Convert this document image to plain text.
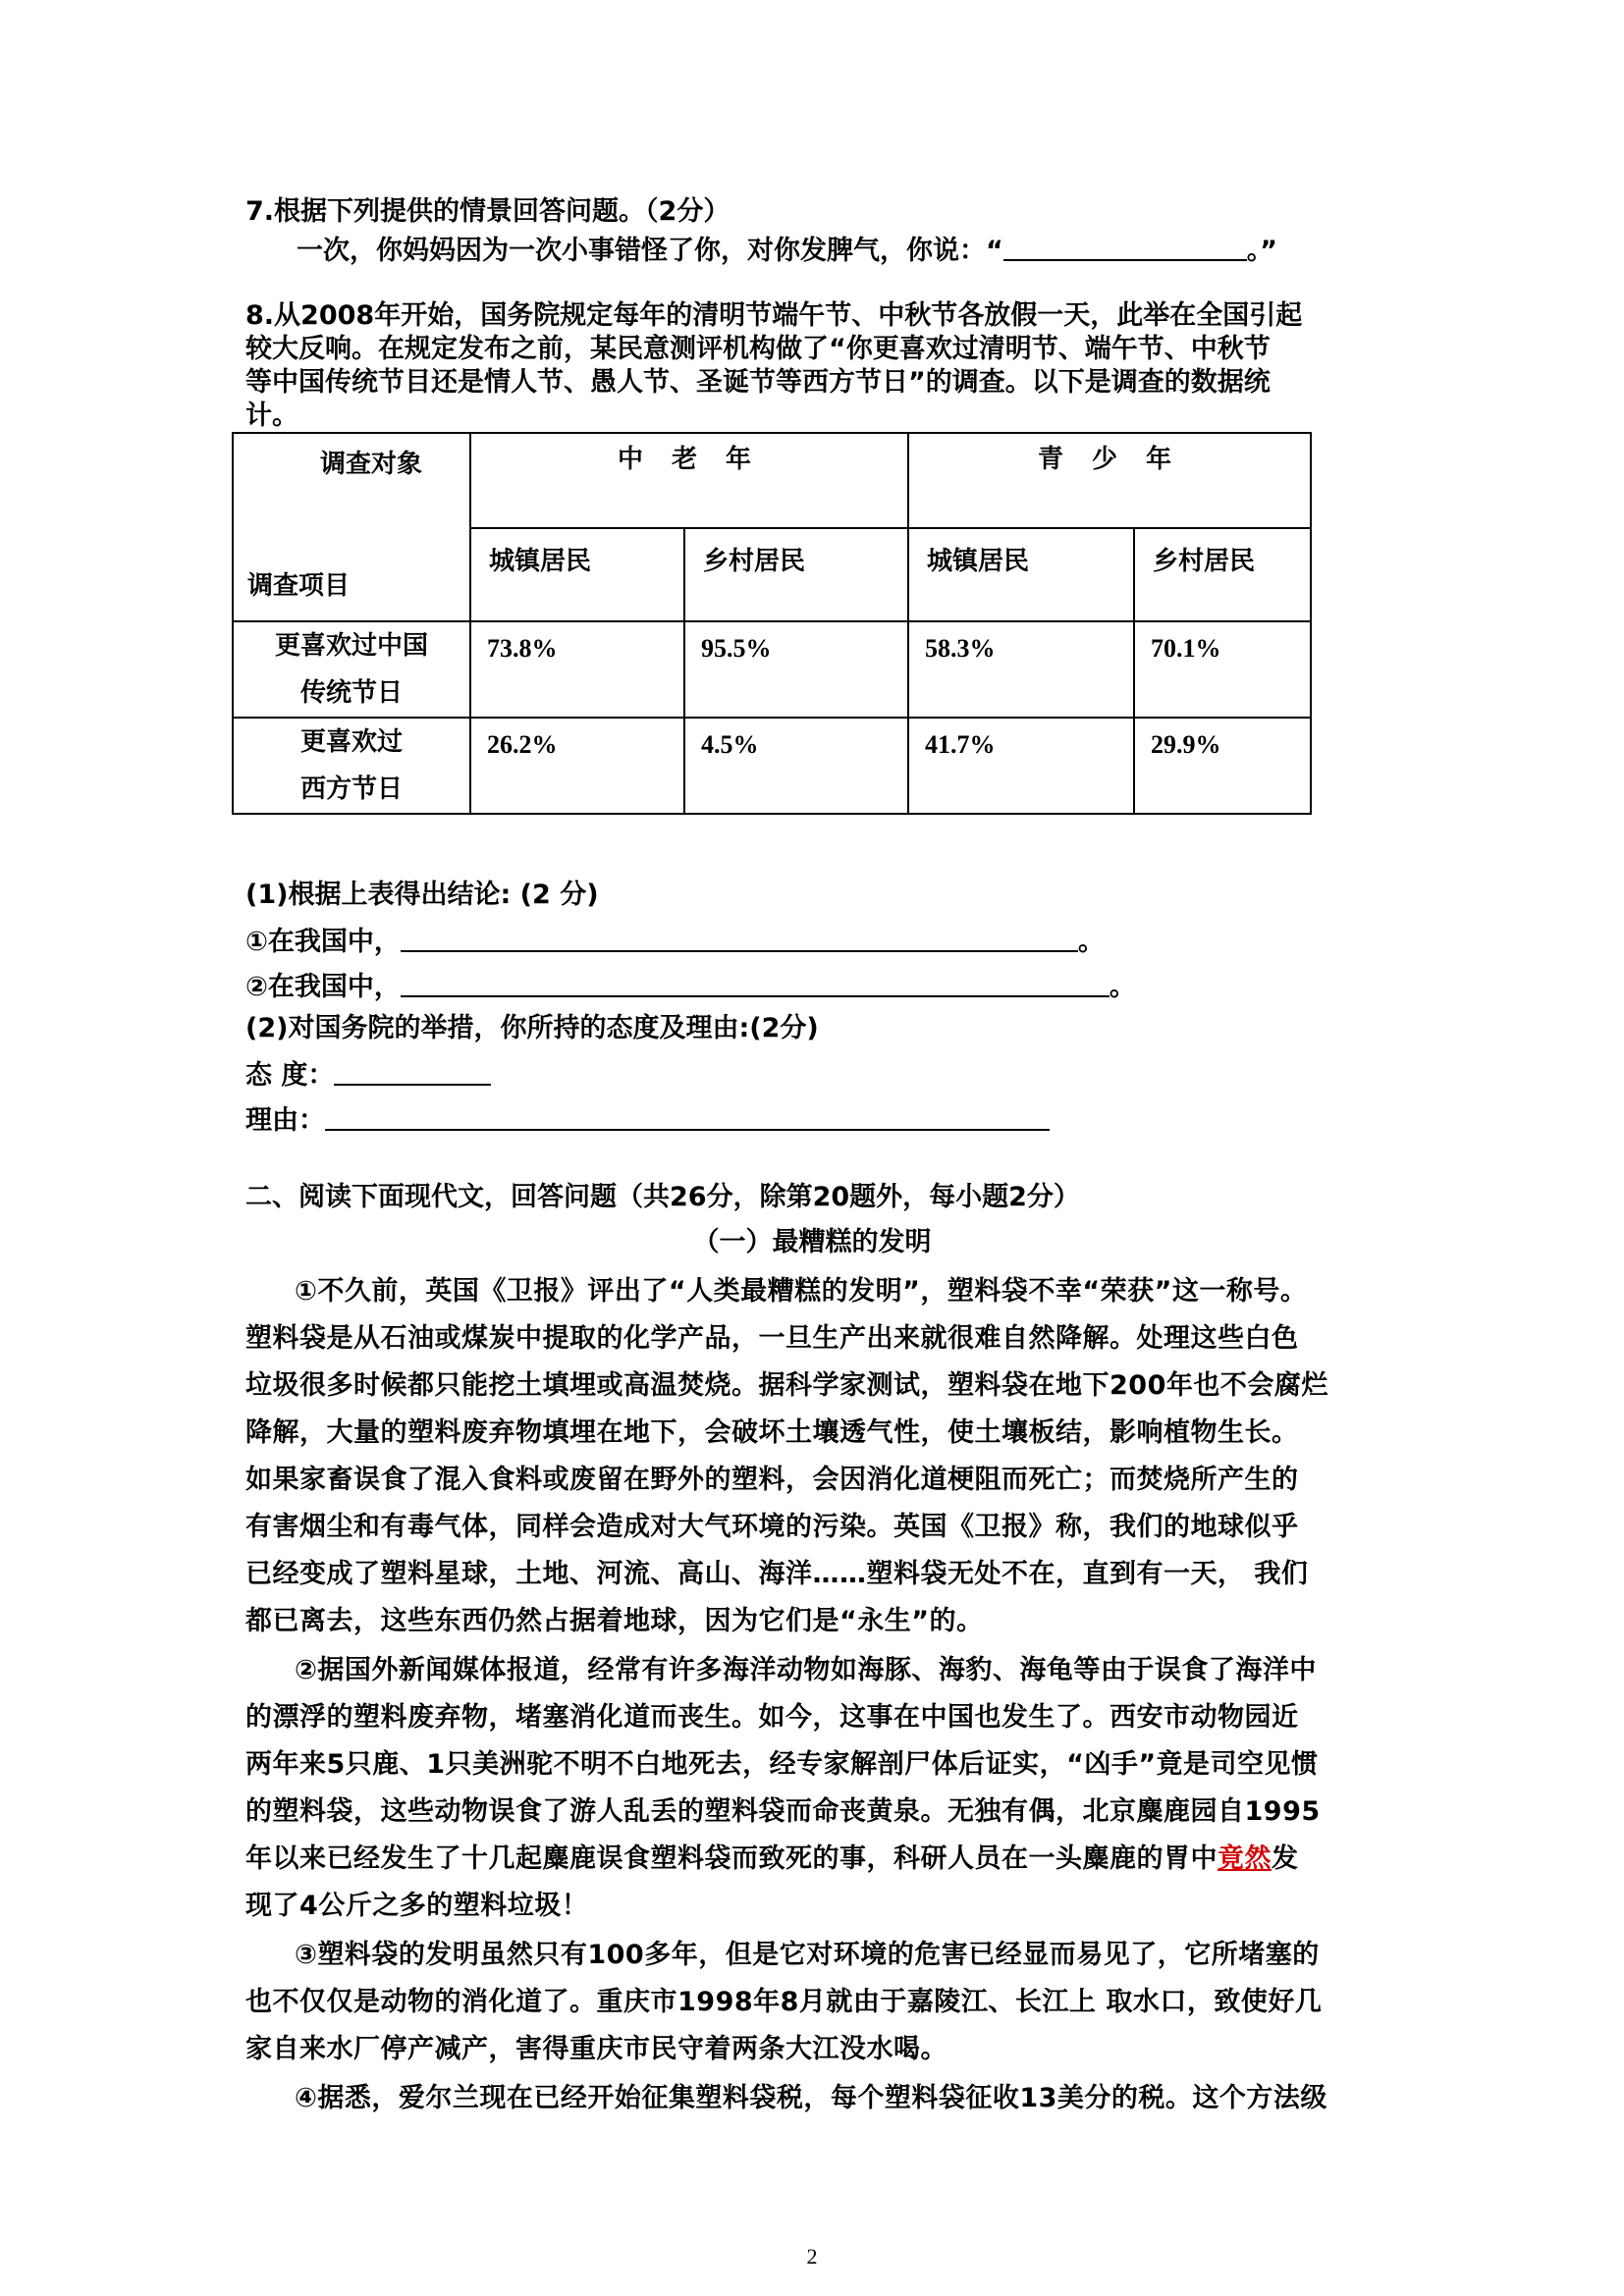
7.根据下列提供的情景回答问题。（2分）
一次，你妈妈因为一次小事错怪了你，对你发脾气，你说：“	。”
8.从2008年开始，国务院规定每年的清明节端午节、中秋节各放假一天，此举在全国引起
较大反响。在规定发布之前，某民意测评机构做了“你更喜欢过清明节、端午节、中秋节
等中国传统节目还是情人节、愚人节、圣诞节等西方节日”的调查。以下是调查的数据统
计。
调查对象
调查项目	中 老 年		青 少 年	
	城镇居民	乡村居民	城镇居民	乡村居民
更喜欢过中国
传统节日	73.8%	95.5%	58.3%	70.1%
更喜欢过
西方节日	26.2%	4.5%	41.7%	29.9%
(1)根据上表得出结论: (2 分)
①在我国中，	。
②在我国中，	。
(2)对国务院的举措，你所持的态度及理由:(2分)
态 度：
理由：
二、阅读下面现代文，回答问题（共26分，除第20题外，每小题2分）
（一）最糟糕的发明
①不久前，英国《卫报》评出了“人类最糟糕的发明”，塑料袋不幸“荣获”这一称号。
塑料袋是从石油或煤炭中提取的化学产品，一旦生产出来就很难自然降解。处理这些白色
垃圾很多时候都只能挖土填埋或高温焚烧。据科学家测试，塑料袋在地下200年也不会腐烂
降解，大量的塑料废弃物填埋在地下，会破坏土壤透气性，使土壤板结，影响植物生长。
如果家畜误食了混入食料或废留在野外的塑料，会因消化道梗阻而死亡；而焚烧所产生的
有害烟尘和有毒气体，同样会造成对大气环境的污染。英国《卫报》称，我们的地球似乎
已经变成了塑料星球，土地、河流、高山、海洋……塑料袋无处不在，直到有一天， 我们
都已离去，这些东西仍然占据着地球，因为它们是“永生”的。
②据国外新闻媒体报道，经常有许多海洋动物如海豚、海豹、海龟等由于误食了海洋中
的漂浮的塑料废弃物，堵塞消化道而丧生。如今，这事在中国也发生了。西安市动物园近
两年来5只鹿、1只美洲驼不明不白地死去，经专家解剖尸体后证实，“凶手”竟是司空见惯
的塑料袋，这些动物误食了游人乱丢的塑料袋而命丧黄泉。无独有偶，北京麋鹿园自1995
年以来已经发生了十几起麋鹿误食塑料袋而致死的事，科研人员在一头麋鹿的胃中竟然发
现了4公斤之多的塑料垃圾！
③塑料袋的发明虽然只有100多年，但是它对环境的危害已经显而易见了，它所堵塞的
也不仅仅是动物的消化道了。重庆市1998年8月就由于嘉陵江、长江上 取水口，致使好几
家自来水厂停产减产，害得重庆市民守着两条大江没水喝。
④据悉，爱尔兰现在已经开始征集塑料袋税，每个塑料袋征收13美分的税。这个方法级
2
